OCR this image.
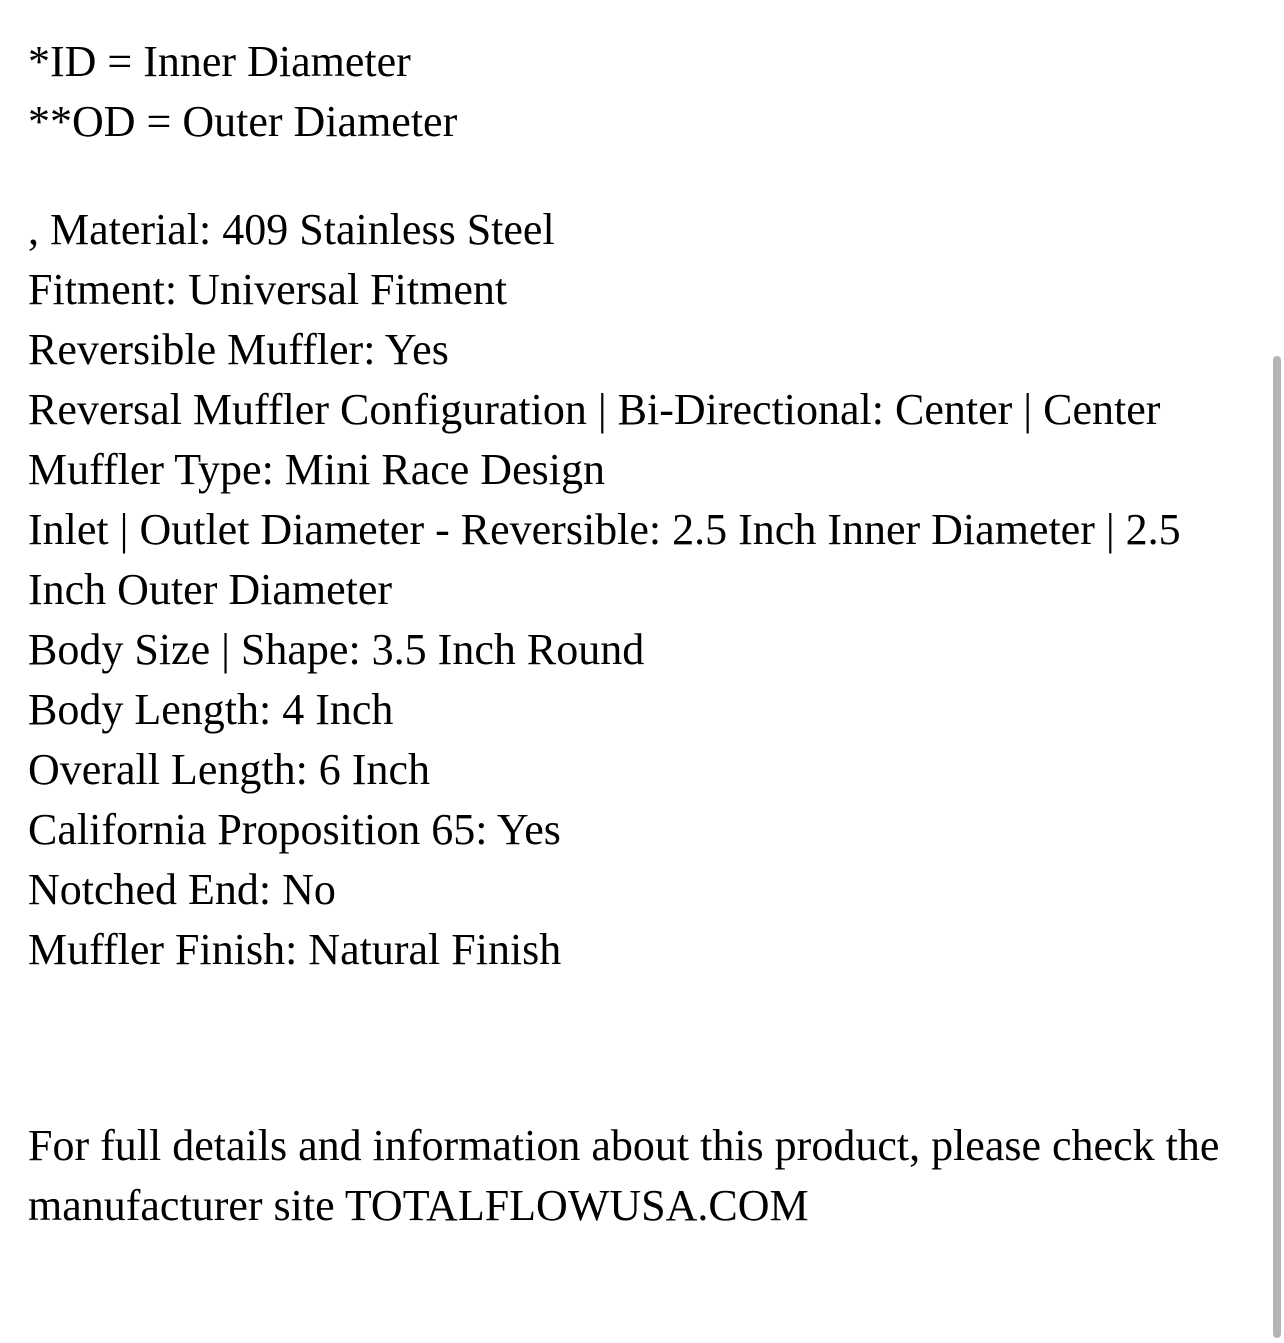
*ID = Inner Diameter
**OD = Outer Diameter
, Material: 409 Stainless Steel
Fitment: Universal Fitment
Reversible Muffler: Yes
Reversal Muffler Configuration | Bi-Directional: Center | Center
Muffler Type: Mini Race Design
Inlet | Outlet Diameter - Reversible: 2.5 Inch Inner Diameter | 2.5 Inch Outer Diameter
Body Size | Shape: 3.5 Inch Round
Body Length: 4 Inch
Overall Length: 6 Inch
California Proposition 65: Yes
Notched End: No
Muffler Finish: Natural Finish
For full details and information about this product, please check the manufacturer site TOTALFLOWUSA.COM
